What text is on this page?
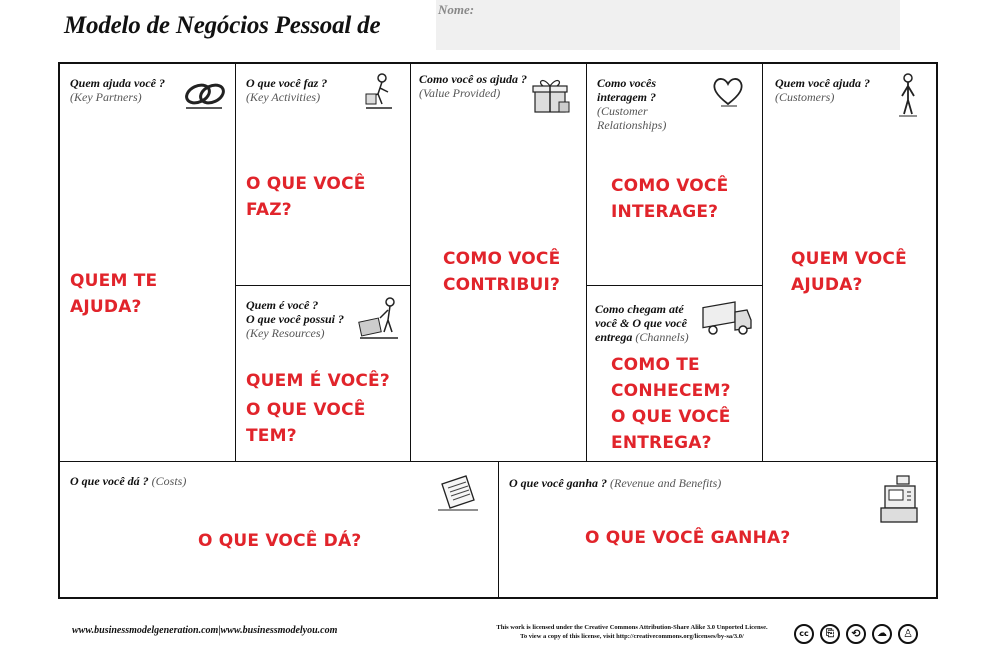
Modelo de Negócios Pessoal de
Nome:
Quem ajuda você ?
(Key Partners)
QUEM TE AJUDA?
O que você faz ?
(Key Activities)
O QUE VOCÊ FAZ?
Quem é você ?
O que você possui ?
(Key Resources)
QUEM É VOCÊ?
O QUE VOCÊ TEM?
Como você os ajuda ?
(Value Provided)
COMO VOCÊ
CONTRIBUI?
Como vocês
interagem ?
(Customer
Relationships)
COMO VOCÊ
INTERAGE?
Como chegam até
você & O que você
entrega (Channels)
COMO TE
CONHECEM?
O QUE VOCÊ
ENTREGA?
Quem você ajuda ?
(Customers)
QUEM VOCÊ
AJUDA?
O que você dá ? (Costs)
O QUE VOCÊ DÁ?
O que você ganha ? (Revenue and Benefits)
O QUE VOCÊ GANHA?
www.businessmodelgeneration.com|www.businessmodelyou.com	This work is licensed under the Creative Commons Attribution-Share Alike 3.0 Unported License.
To view a copy of this license, visit http://creativecommons.org/licenses/by-sa/3.0/	cc	⎘	⟲	☁	♙
